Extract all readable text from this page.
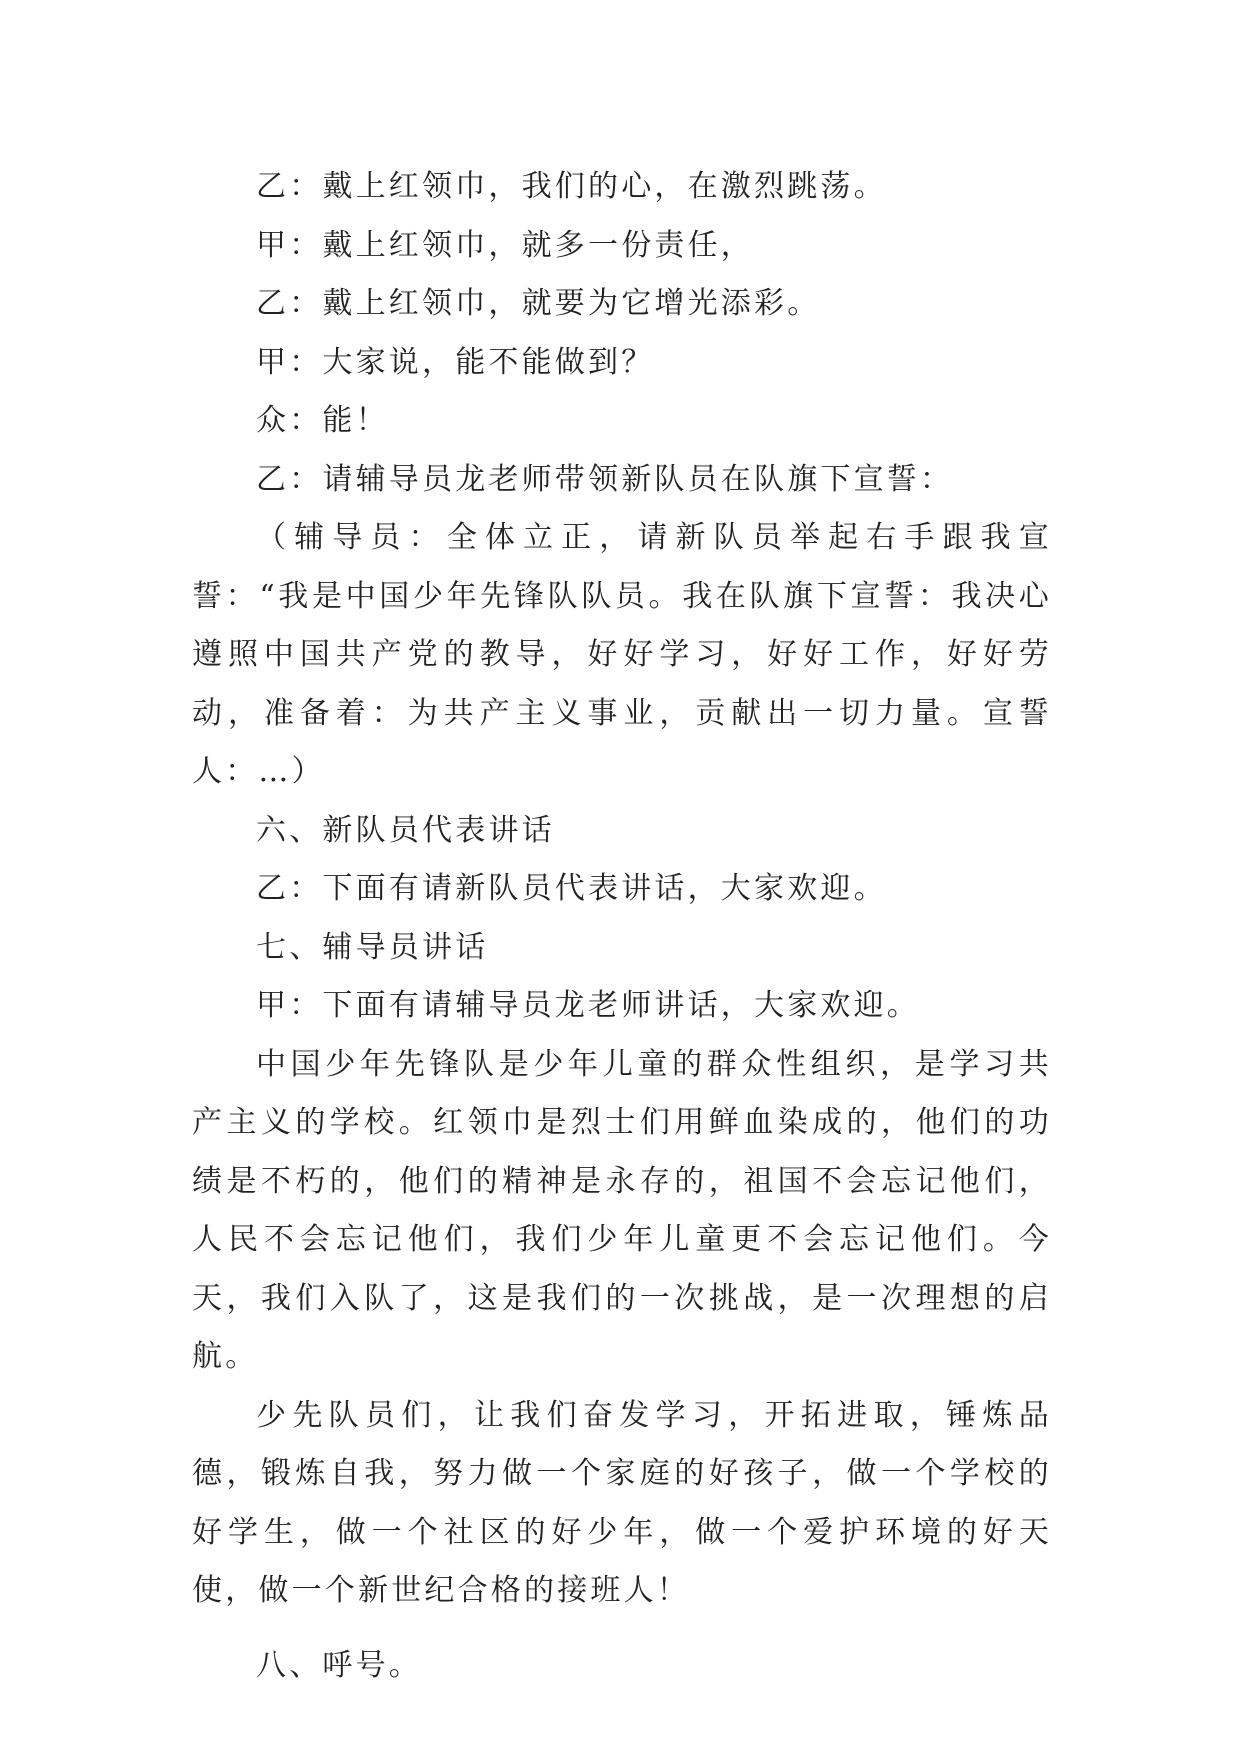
乙：戴上红领巾，我们的心，在激烈跳荡。

甲：戴上红领巾，就多一份责任，

乙：戴上红领巾，就要为它增光添彩。

甲：大家说，能不能做到？

众：能！

乙：请辅导员龙老师带领新队员在队旗下宣誓：

（辅导员：全体立正，请新队员举起右手跟我宣誓：“我是中国少年先锋队队员。我在队旗下宣誓：我决心遵照中国共产党的教导，好好学习，好好工作，好好劳动，准备着：为共产主义事业，贡献出一切力量。宣誓人：…）

六、新队员代表讲话

乙：下面有请新队员代表讲话，大家欢迎。

七、辅导员讲话

甲：下面有请辅导员龙老师讲话，大家欢迎。

中国少年先锋队是少年儿童的群众性组织，是学习共产主义的学校。红领巾是烈士们用鲜血染成的，他们的功绩是不朽的，他们的精神是永存的，祖国不会忘记他们，人民不会忘记他们，我们少年儿童更不会忘记他们。今天，我们入队了，这是我们的一次挑战，是一次理想的启航。

少先队员们，让我们奋发学习，开拓进取，锤炼品德，锻炼自我，努力做一个家庭的好孩子，做一个学校的好学生，做一个社区的好少年，做一个爱护环境的好天使，做一个新世纪合格的接班人！

八、呼号。
